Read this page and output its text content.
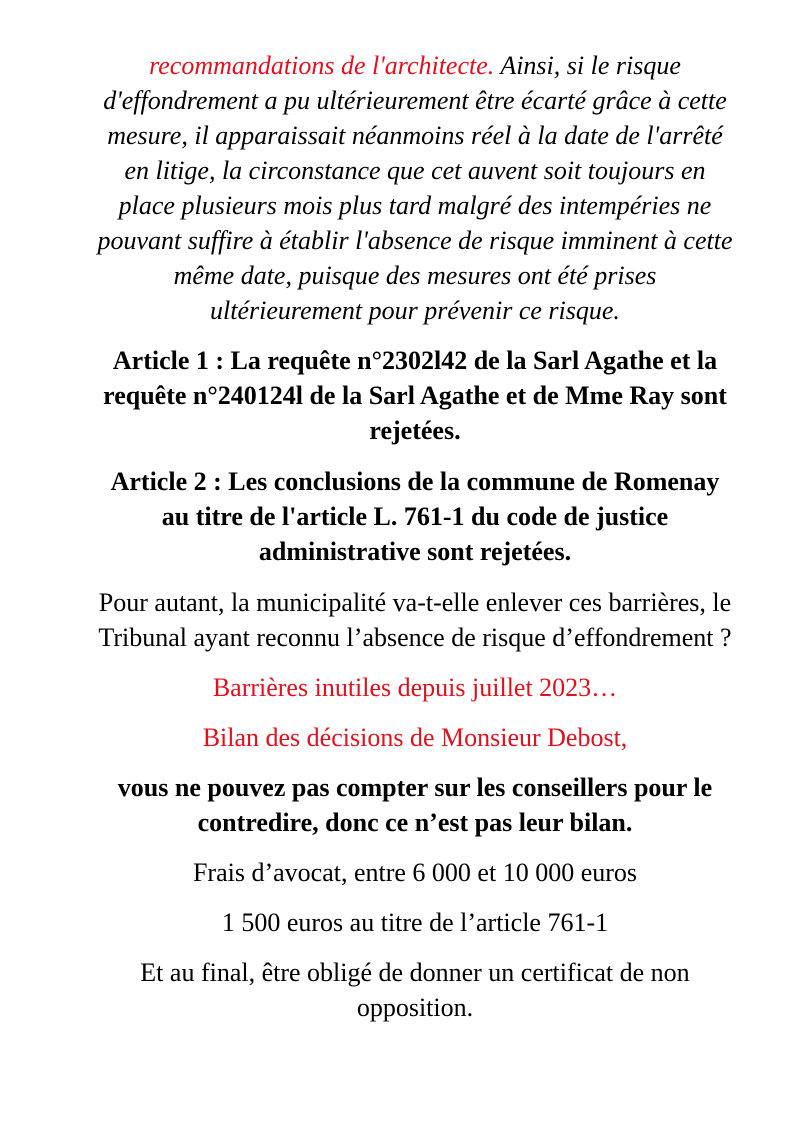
recommandations de l'architecte. Ainsi, si le risque d'effondrement a pu ultérieurement être écarté grâce à cette mesure, il apparaissait néanmoins réel à la date de l'arrêté en litige, la circonstance que cet auvent soit toujours en place plusieurs mois plus tard malgré des intempéries ne pouvant suffire à établir l'absence de risque imminent à cette même date, puisque des mesures ont été prises ultérieurement pour prévenir ce risque.

Article 1 : La requête n°2302l42 de la Sarl Agathe et la requête n°240124l de la Sarl Agathe et de Mme Ray sont rejetées.

Article 2 : Les conclusions de la commune de Romenay au titre de l'article L. 761-1 du code de justice administrative sont rejetées.

Pour autant, la municipalité va-t-elle enlever ces barrières, le Tribunal ayant reconnu l’absence de risque d’effondrement ?

Barrières inutiles depuis juillet 2023…

Bilan des décisions de Monsieur Debost,

vous ne pouvez pas compter sur les conseillers pour le contredire, donc ce n’est pas leur bilan.

Frais d’avocat, entre 6 000 et 10 000 euros

1 500 euros au titre de l’article 761-1

Et au final, être obligé de donner un certificat de non opposition.
